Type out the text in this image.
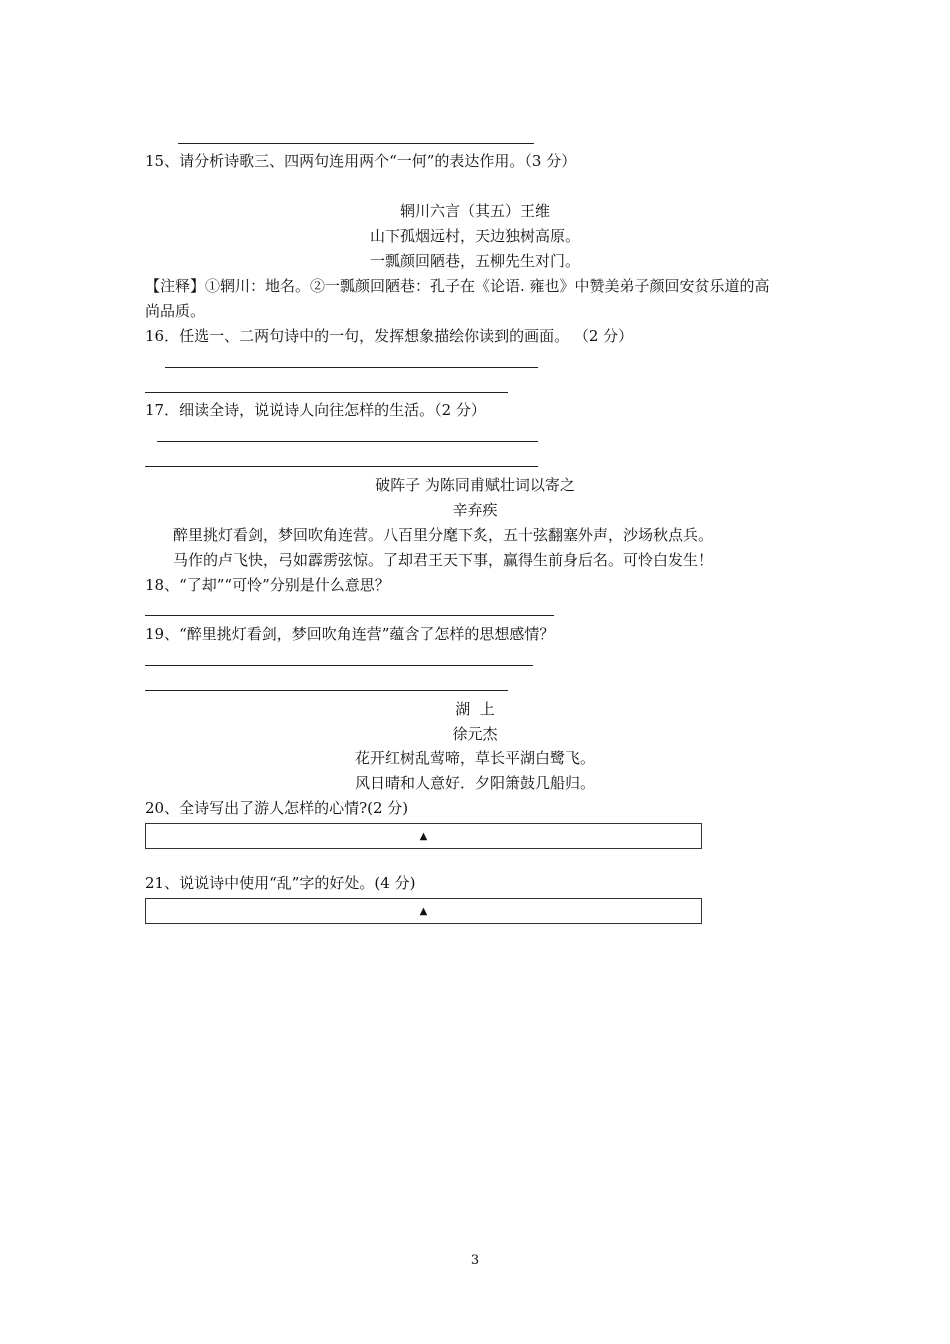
15、请分析诗歌三、四两句连用两个“一何”的表达作用。（3 分）
辋川六言（其五）王维
山下孤烟远村，天边独树高原。
一瓢颜回陋巷，五柳先生对门。
【注释】①辋川：地名。②一瓢颜回陋巷：孔子在《论语. 雍也》中赞美弟子颜回安贫乐道的高
尚品质。
16．任选一、二两句诗中的一句，发挥想象描绘你读到的画面。 （2 分）
17．细读全诗，说说诗人向往怎样的生活。（2 分）
破阵子 为陈同甫赋壮词以寄之
辛弃疾
醉里挑灯看剑，梦回吹角连营。八百里分麾下炙，五十弦翻塞外声，沙场秋点兵。
马作的卢飞快，弓如霹雳弦惊。了却君王天下事，赢得生前身后名。可怜白发生！
18、“了却”“可怜”分别是什么意思？
19、“醉里挑灯看剑，梦回吹角连营”蕴含了怎样的思想感情？
湖  上
徐元杰
花开红树乱莺啼，草长平湖白鹭飞。
风日晴和人意好．夕阳箫鼓几船归。
20、全诗写出了游人怎样的心情?(2 分)
▲
21、说说诗中使用“乱”字的好处。(4 分)
▲
3
